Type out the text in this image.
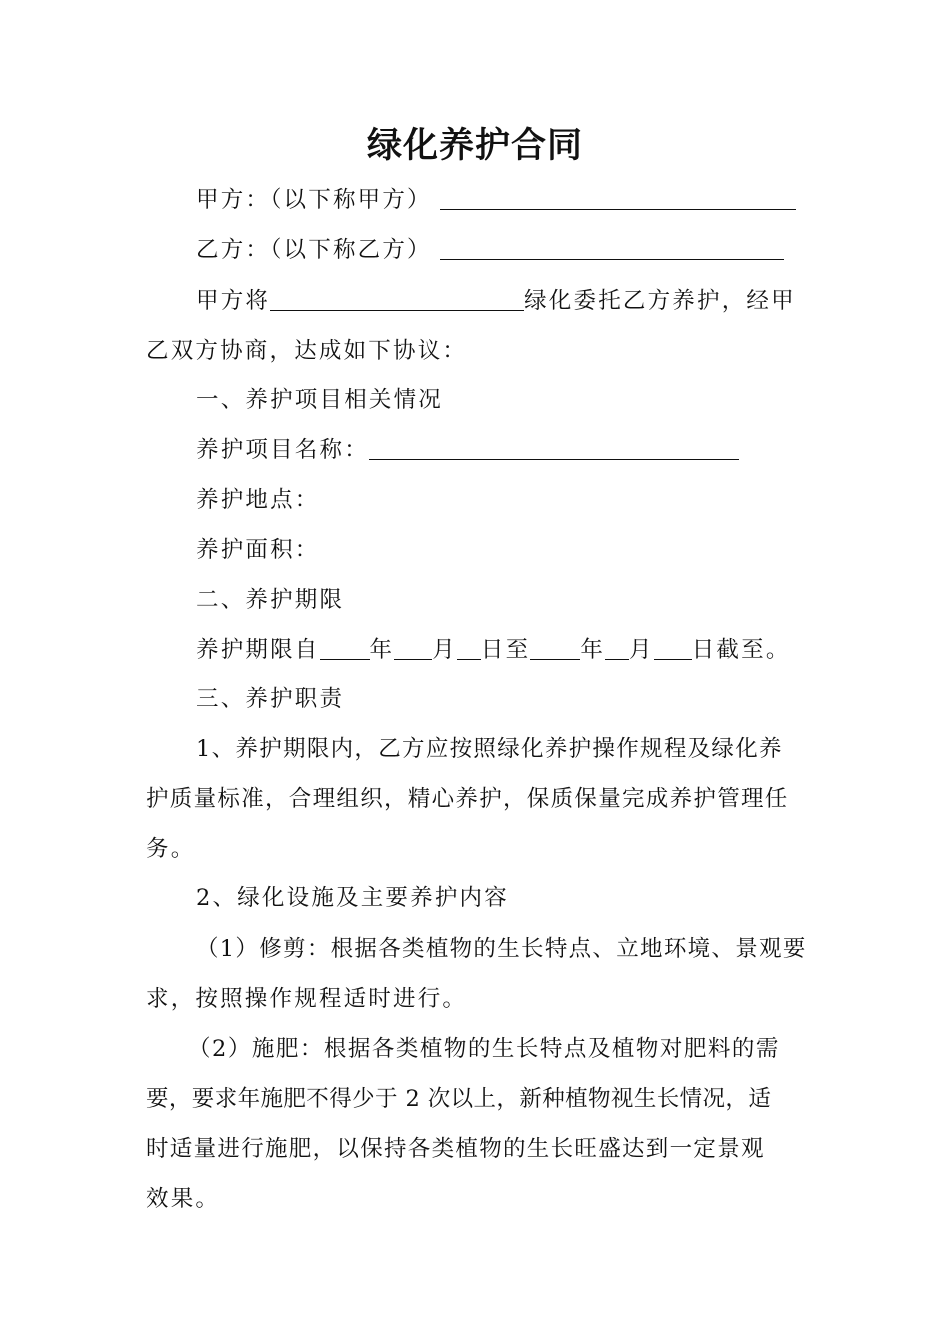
绿化养护合同
甲方：（以下称甲方）
乙方：（以下称乙方）
甲方将	绿化委托乙方养护，经甲
乙双方协商，达成如下协议：
一、养护项目相关情况
养护项目名称：
养护地点：
养护面积：
二、养护期限
养护期限自 年 月 日至 年 月 日截至。
三、养护职责
1、养护期限内，乙方应按照绿化养护操作规程及绿化养
护质量标准，合理组织，精心养护，保质保量完成养护管理任
务。
2、绿化设施及主要养护内容
（1）修剪：根据各类植物的生长特点、立地环境、景观要
求，按照操作规程适时进行。
（2）施肥：根据各类植物的生长特点及植物对肥料的需
要，要求年施肥不得少于 2 次以上，新种植物视生长情况，适
时适量进行施肥，以保持各类植物的生长旺盛达到一定景观
效果。
